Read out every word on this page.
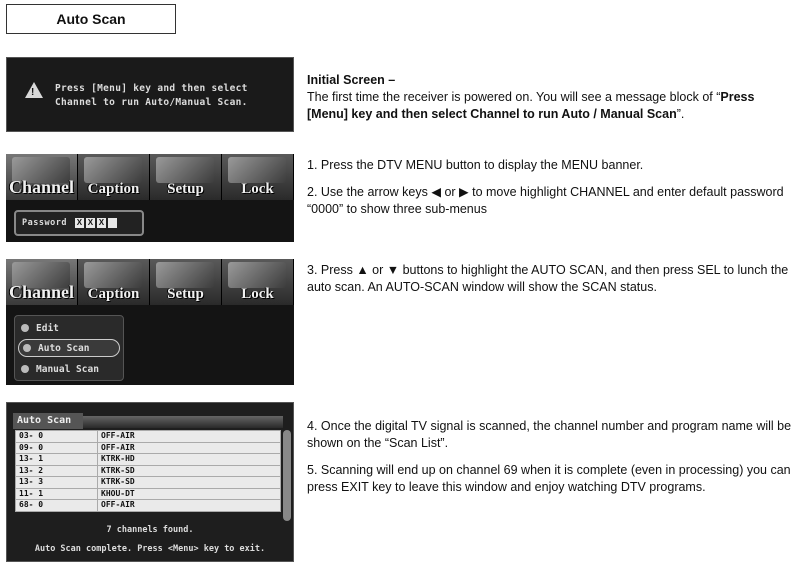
Auto Scan
! Press [Menu] key and then select
Channel to run Auto/Manual Scan.
Initial Screen –
The first time the receiver is powered on. You will see a message block of “Press [Menu] key and then select Channel to run Auto / Manual Scan”.
Channel Caption	Setup	Lock
Password X X X

1. Press the DTV MENU button to display the MENU banner.

2. Use the arrow keys ◀ or ▶ to move highlight CHANNEL and enter default password “0000” to show three sub-menus

Channel Caption	Setup	Lock
Edit
Auto Scan
Manual Scan

3. Press ▲ or ▼ buttons to highlight the AUTO SCAN, and then press SEL to lunch the auto scan. An AUTO-SCAN window will show the SCAN status.

Auto Scan
03- 0	OFF-AIR
09- 0	OFF-AIR
13- 1	KTRK-HD
13- 2	KTRK-SD
13- 3	KTRK-SD
11- 1	KHOU-DT
68- 0	OFF-AIR
7 channels found.
Auto Scan complete. Press <Menu> key to exit.

4. Once the digital TV signal is scanned, the channel number and program name will be shown on the “Scan List”.

5. Scanning will end up on channel 69 when it is complete (even in processing) you can press EXIT key to leave this window and enjoy watching DTV programs.
